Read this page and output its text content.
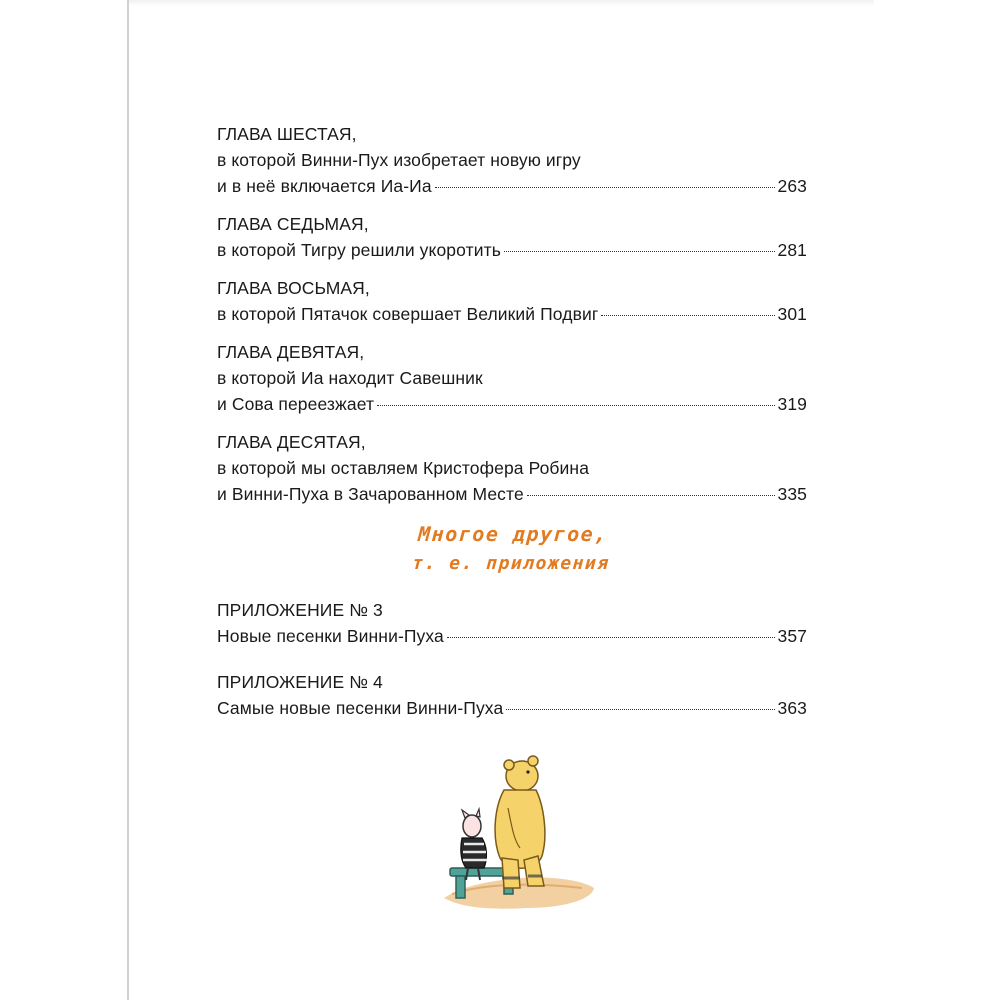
ГЛАВА ШЕСТАЯ,
в которой Винни-Пух изобретает новую игру
и в неё включается Иа-Иа	263
ГЛАВА СЕДЬМАЯ,
в которой Тигру решили укоротить	281
ГЛАВА ВОСЬМАЯ,
в которой Пятачок совершает Великий Подвиг	301
ГЛАВА ДЕВЯТАЯ,
в которой Иа находит Савешник
и Сова переезжает	319
ГЛАВА ДЕСЯТАЯ,
в которой мы оставляем Кристофера Робина
и Винни-Пуха в Зачарованном Месте	335
Многое другое,
т. е. приложения
ПРИЛОЖЕНИЕ № 3
Новые песенки Винни-Пуха	357
ПРИЛОЖЕНИЕ № 4
Самые новые песенки Винни-Пуха	363
